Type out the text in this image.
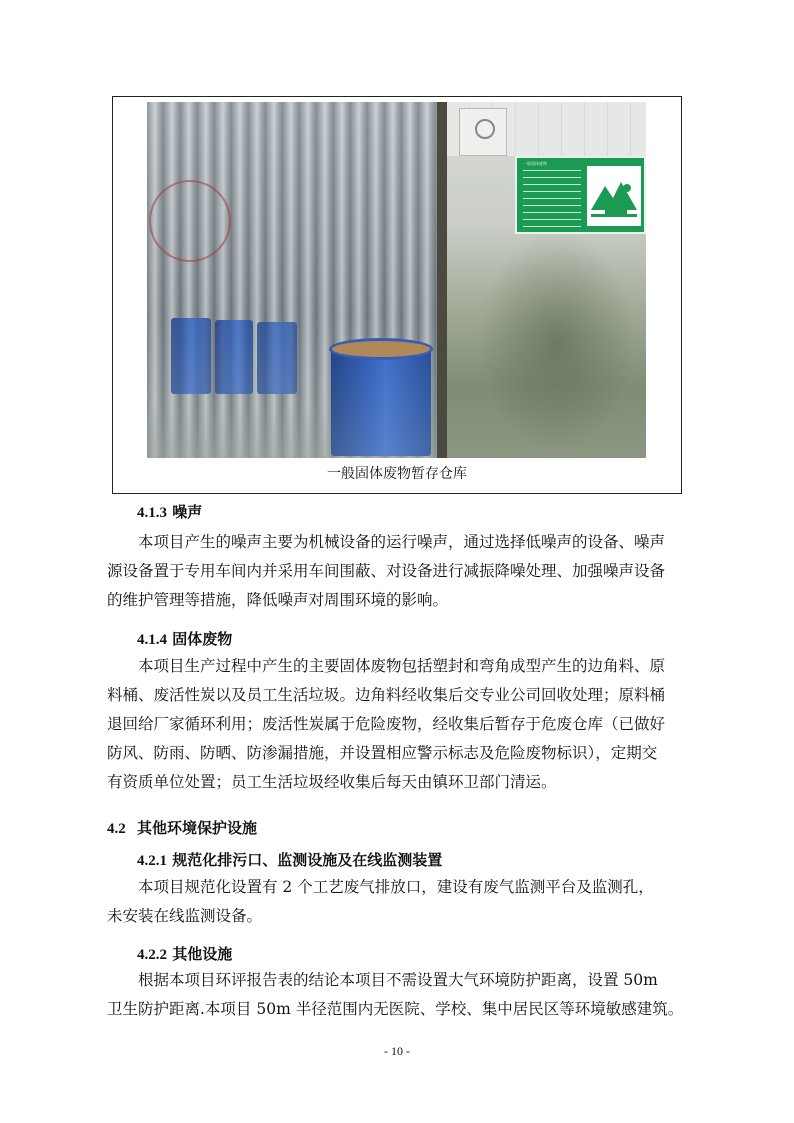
一般固体废物
一般固体废物暂存仓库
4.1.3 噪声
本项目产生的噪声主要为机械设备的运行噪声，通过选择低噪声的设备、噪声
源设备置于专用车间内并采用车间围蔽、对设备进行减振降噪处理、加强噪声设备
的维护管理等措施，降低噪声对周围环境的影响。
4.1.4 固体废物
本项目生产过程中产生的主要固体废物包括塑封和弯角成型产生的边角料、原
料桶、废活性炭以及员工生活垃圾。边角料经收集后交专业公司回收处理；原料桶
退回给厂家循环利用；废活性炭属于危险废物，经收集后暂存于危废仓库（已做好
防风、防雨、防晒、防渗漏措施，并设置相应警示标志及危险废物标识），定期交
有资质单位处置；员工生活垃圾经收集后每天由镇环卫部门清运。
4.2 其他环境保护设施
4.2.1 规范化排污口、监测设施及在线监测装置
本项目规范化设置有 2 个工艺废气排放口，建设有废气监测平台及监测孔，
未安装在线监测设备。
4.2.2 其他设施
根据本项目环评报告表的结论本项目不需设置大气环境防护距离，设置 50m
卫生防护距离.本项目 50m 半径范围内无医院、学校、集中居民区等环境敏感建筑。
- 10 -
